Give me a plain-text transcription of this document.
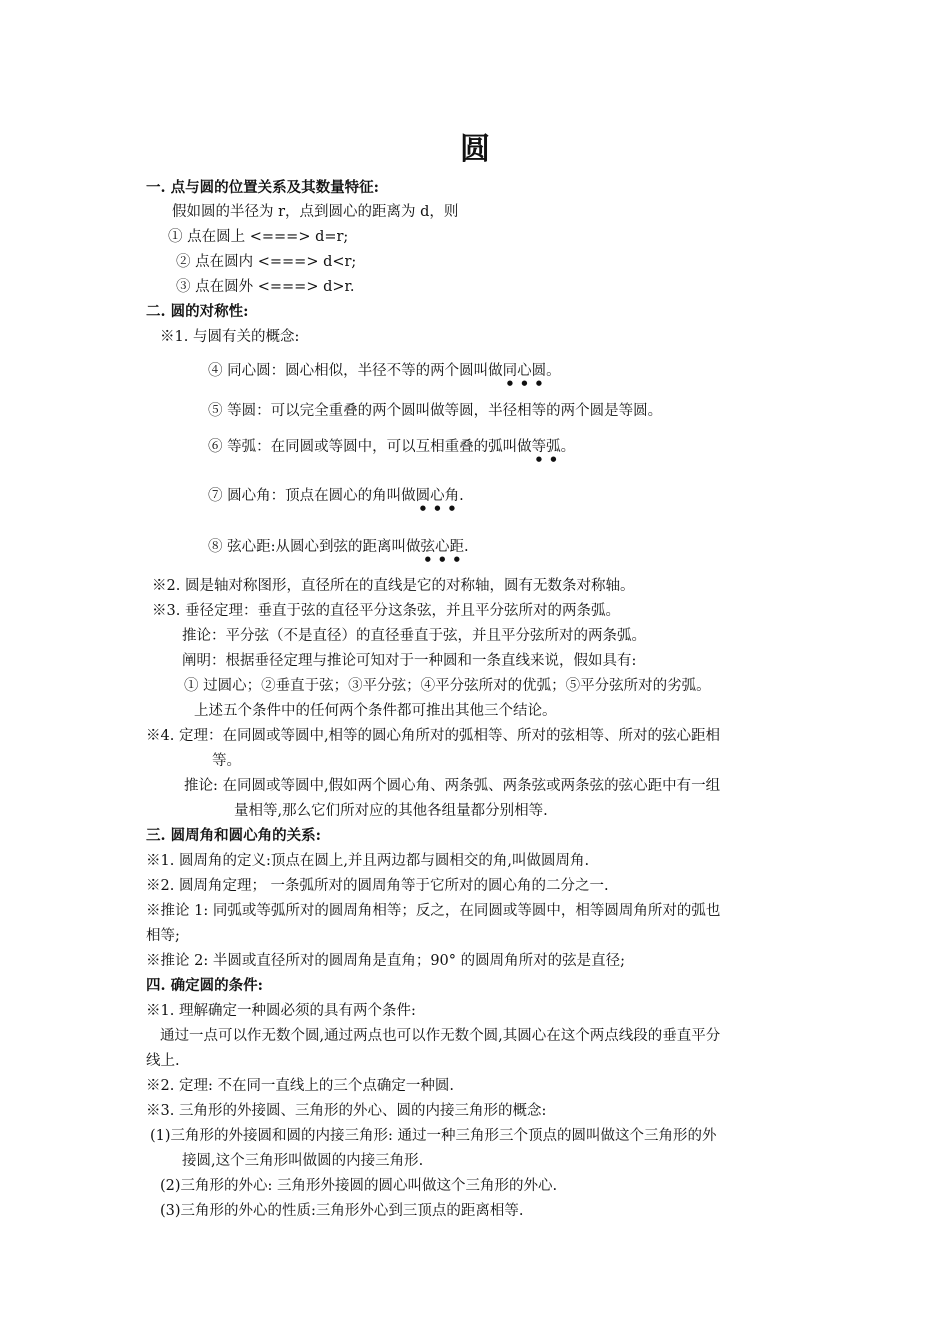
圆
一. 点与圆的位置关系及其数量特征:
假如圆的半径为 r，点到圆心的距离为 d，则
① 点在圆上 <===> d=r;
② 点在圆内 <===> d<r;
③ 点在圆外 <===> d>r.
二. 圆的对称性:
※1. 与圆有关的概念:
④ 同心圆：圆心相似，半径不等的两个圆叫做同心圆。
⑤ 等圆：可以完全重叠的两个圆叫做等圆，半径相等的两个圆是等圆。
⑥ 等弧：在同圆或等圆中，可以互相重叠的弧叫做等弧。
⑦ 圆心角：顶点在圆心的角叫做圆心角.
⑧ 弦心距:从圆心到弦的距离叫做弦心距.
※2. 圆是轴对称图形，直径所在的直线是它的对称轴，圆有无数条对称轴。
※3. 垂径定理：垂直于弦的直径平分这条弦，并且平分弦所对的两条弧。
推论：平分弦（不是直径）的直径垂直于弦，并且平分弦所对的两条弧。
阐明：根据垂径定理与推论可知对于一种圆和一条直线来说，假如具有:
① 过圆心；②垂直于弦；③平分弦；④平分弦所对的优弧；⑤平分弦所对的劣弧。
上述五个条件中的任何两个条件都可推出其他三个结论。
※4. 定理：在同圆或等圆中,相等的圆心角所对的弧相等、所对的弦相等、所对的弦心距相
等。
推论: 在同圆或等圆中,假如两个圆心角、两条弧、两条弦或两条弦的弦心距中有一组
量相等,那么它们所对应的其他各组量都分别相等.
三. 圆周角和圆心角的关系:
※1. 圆周角的定义:顶点在圆上,并且两边都与圆相交的角,叫做圆周角.
※2. 圆周角定理； 一条弧所对的圆周角等于它所对的圆心角的二分之一.
※推论 1: 同弧或等弧所对的圆周角相等；反之，在同圆或等圆中，相等圆周角所对的弧也
相等;
※推论 2: 半圆或直径所对的圆周角是直角；90° 的圆周角所对的弦是直径;
四. 确定圆的条件:
※1. 理解确定一种圆必须的具有两个条件:
通过一点可以作无数个圆,通过两点也可以作无数个圆,其圆心在这个两点线段的垂直平分
线上.
※2. 定理: 不在同一直线上的三个点确定一种圆.
※3. 三角形的外接圆、三角形的外心、圆的内接三角形的概念:
(1)三角形的外接圆和圆的内接三角形: 通过一种三角形三个顶点的圆叫做这个三角形的外
接圆,这个三角形叫做圆的内接三角形.
(2)三角形的外心: 三角形外接圆的圆心叫做这个三角形的外心.
(3)三角形的外心的性质:三角形外心到三顶点的距离相等.
